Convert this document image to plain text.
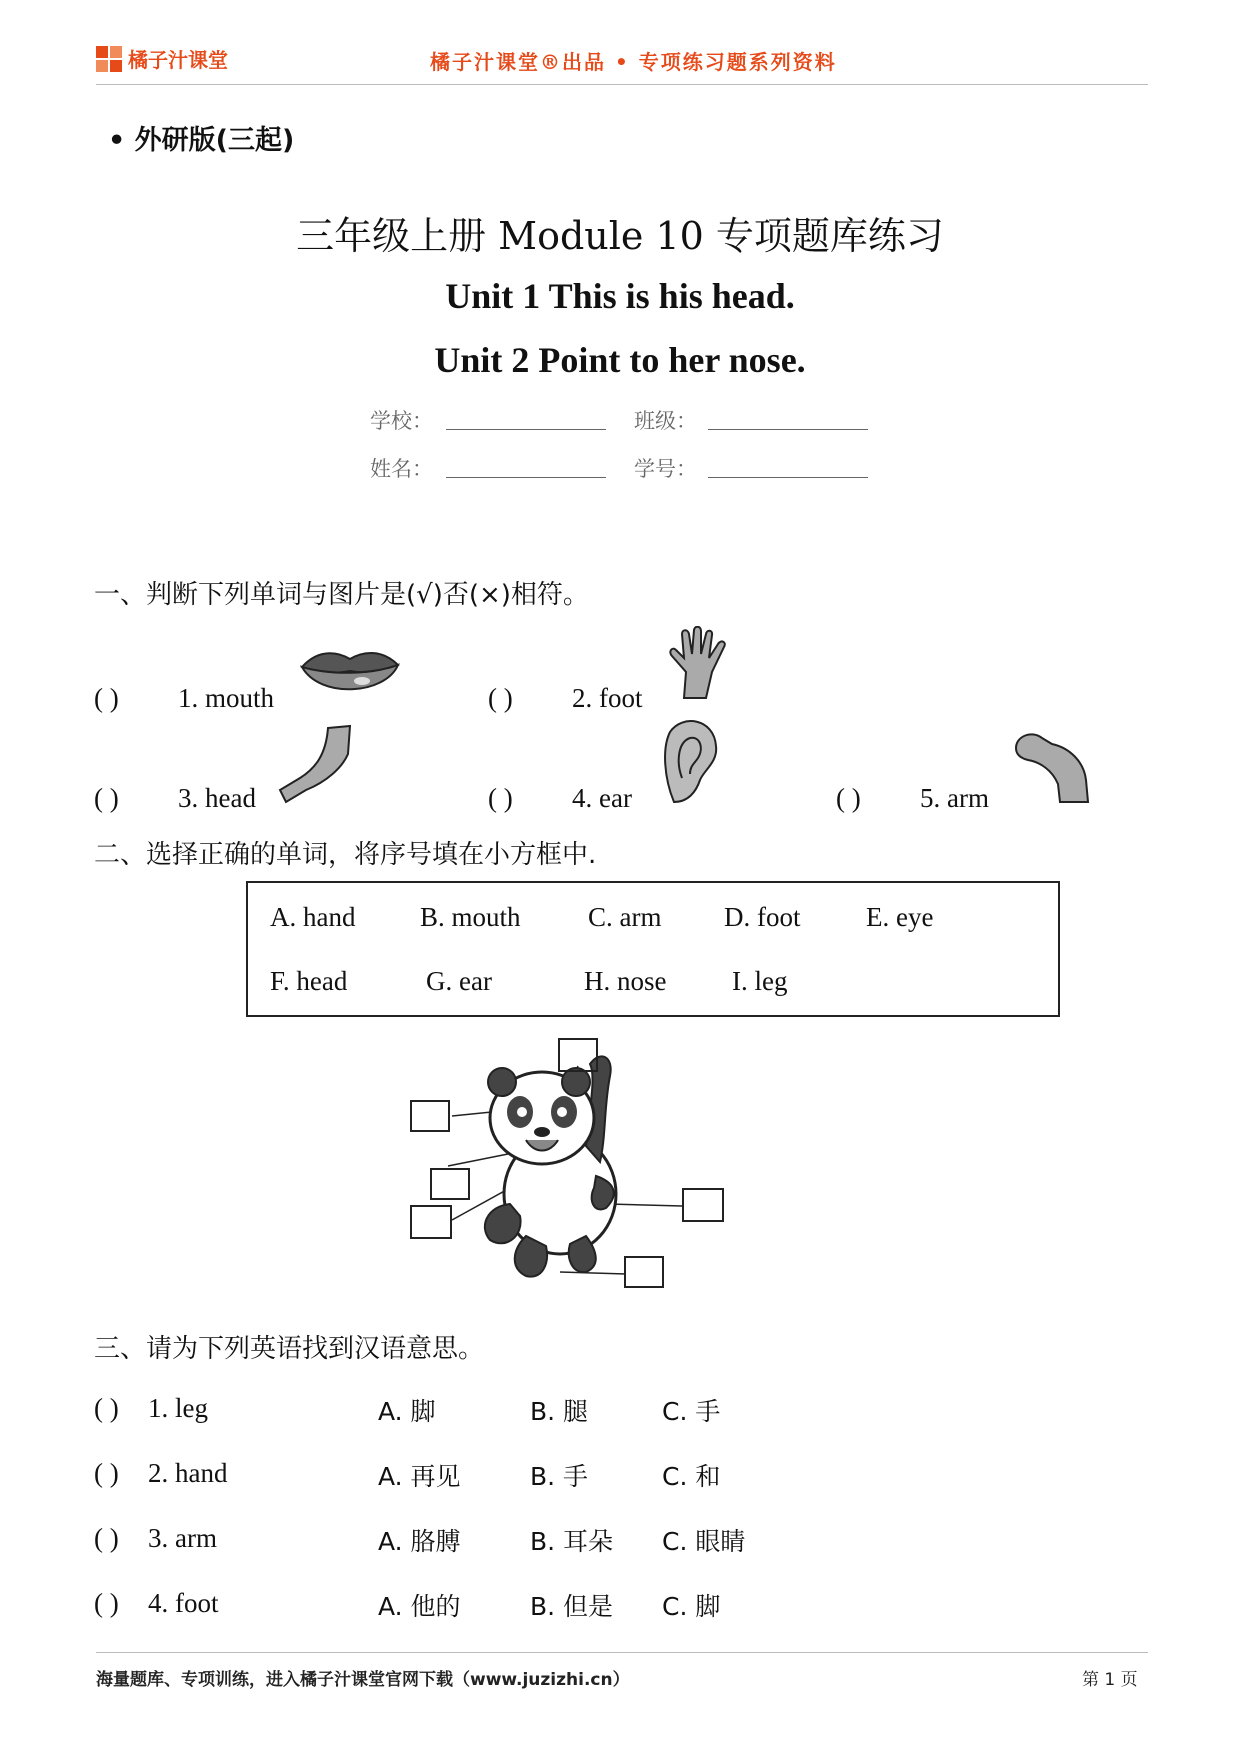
橘子汁课堂	橘子汁课堂®出品 • 专项练习题系列资料
• 外研版(三起)
三年级上册 Module 10 专项题库练习
Unit 1 This is his head.
Unit 2 Point to her nose.
学校：	班级：
姓名：	学号：
一、判断下列单词与图片是(√)否(×)相符。
( ) 1. mouth	( ) 2. foot
( ) 3. head	( ) 4. ear	( ) 5. arm
二、选择正确的单词，将序号填在小方框中.
A. hand B. mouth C. arm D. foot E. eye
F. head	G. ear	H. nose I. leg
三、请为下列英语找到汉语意思。
( ) 1. leg	A. 脚	B. 腿	C. 手
( ) 2. hand	A. 再见	B. 手	C. 和
( ) 3. arm	A. 胳膊	B. 耳朵 C. 眼睛
( ) 4. foot	A. 他的	B. 但是 C. 脚
海量题库、专项训练，进入橘子汁课堂官网下载（www.juzizhi.cn）	第 1 页
